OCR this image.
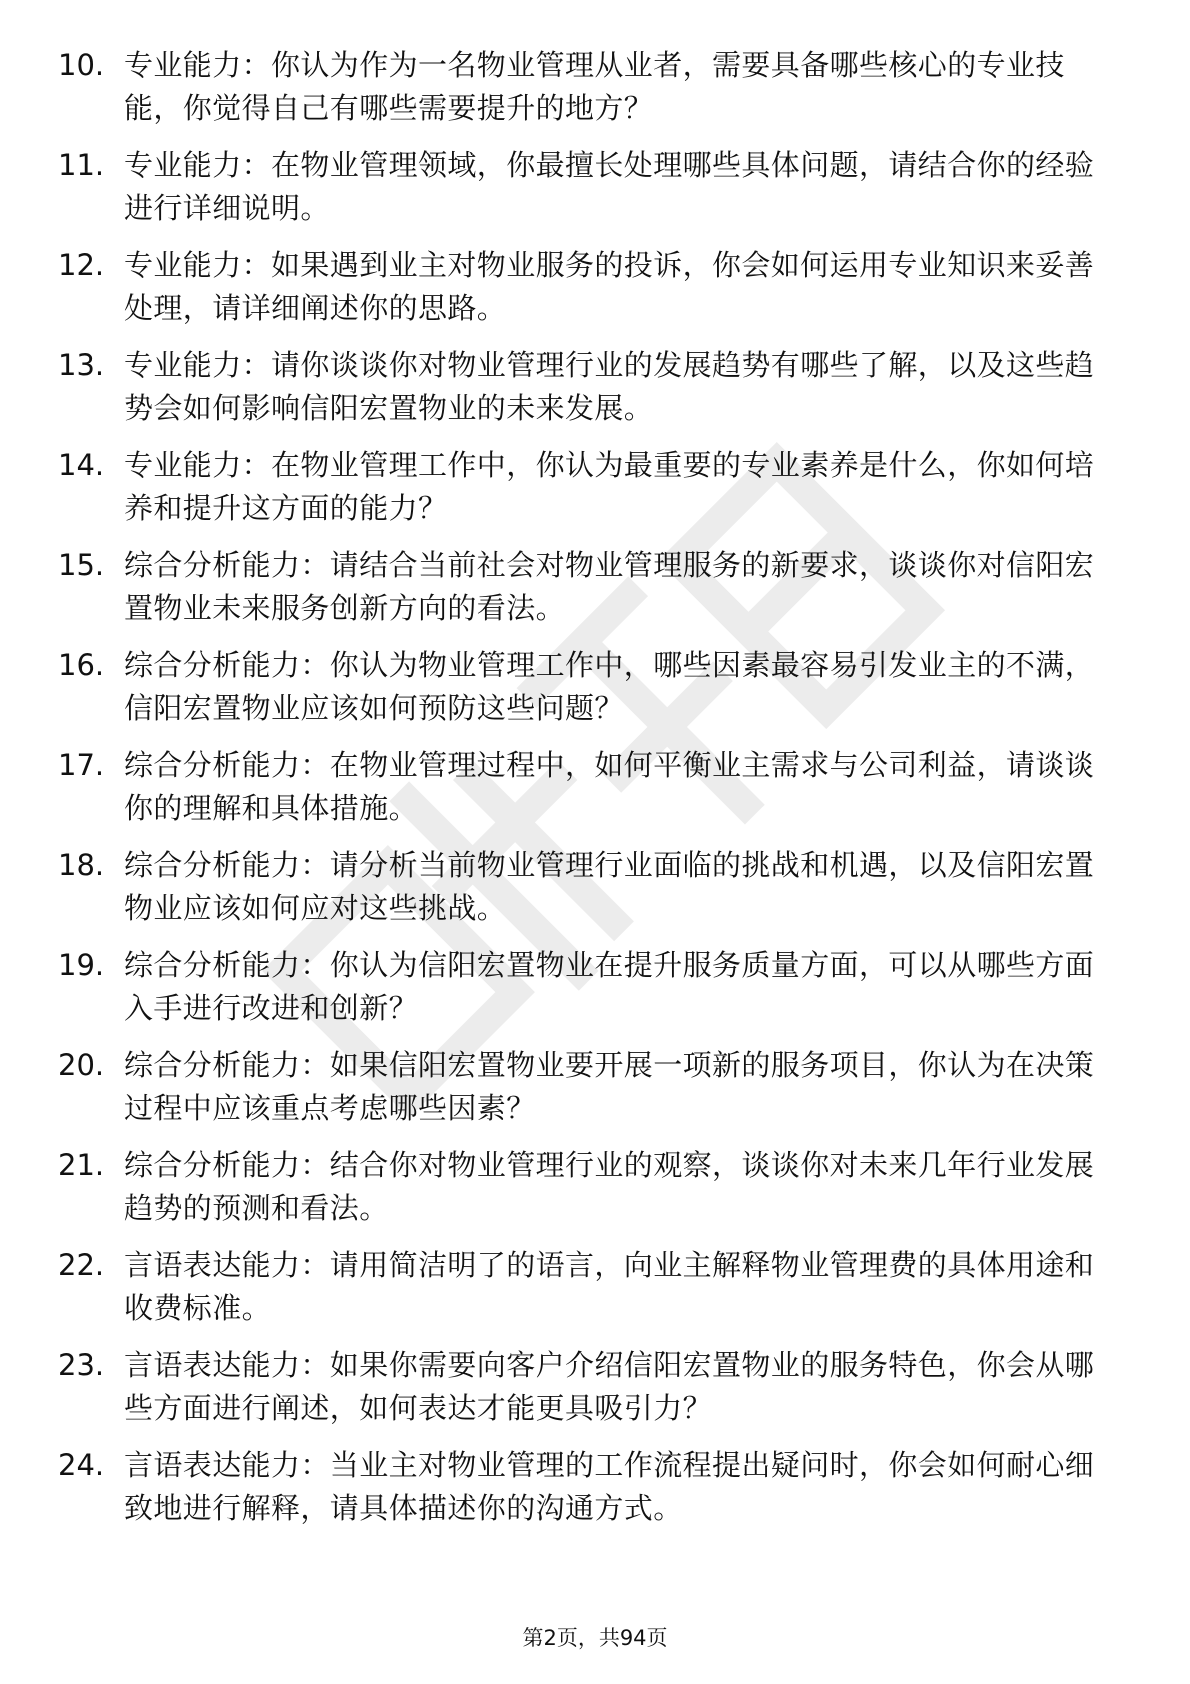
10. 专业能力：你认为作为一名物业管理从业者，需要具备哪些核心的专业技能，你觉得自己有哪些需要提升的地方？
11. 专业能力：在物业管理领域，你最擅长处理哪些具体问题，请结合你的经验进行详细说明。
12. 专业能力：如果遇到业主对物业服务的投诉，你会如何运用专业知识来妥善处理，请详细阐述你的思路。
13. 专业能力：请你谈谈你对物业管理行业的发展趋势有哪些了解，以及这些趋势会如何影响信阳宏置物业的未来发展。
14. 专业能力：在物业管理工作中，你认为最重要的专业素养是什么，你如何培养和提升这方面的能力？
15. 综合分析能力：请结合当前社会对物业管理服务的新要求，谈谈你对信阳宏置物业未来服务创新方向的看法。
16. 综合分析能力：你认为物业管理工作中，哪些因素最容易引发业主的不满，信阳宏置物业应该如何预防这些问题？
17. 综合分析能力：在物业管理过程中，如何平衡业主需求与公司利益，请谈谈你的理解和具体措施。
18. 综合分析能力：请分析当前物业管理行业面临的挑战和机遇，以及信阳宏置物业应该如何应对这些挑战。
19. 综合分析能力：你认为信阳宏置物业在提升服务质量方面，可以从哪些方面入手进行改进和创新？
20. 综合分析能力：如果信阳宏置物业要开展一项新的服务项目，你认为在决策过程中应该重点考虑哪些因素？
21. 综合分析能力：结合你对物业管理行业的观察，谈谈你对未来几年行业发展趋势的预测和看法。
22. 言语表达能力：请用简洁明了的语言，向业主解释物业管理费的具体用途和收费标准。
23. 言语表达能力：如果你需要向客户介绍信阳宏置物业的服务特色，你会从哪些方面进行阐述，如何表达才能更具吸引力？
24. 言语表达能力：当业主对物业管理的工作流程提出疑问时，你会如何耐心细致地进行解释，请具体描述你的沟通方式。
第2页，共94页
